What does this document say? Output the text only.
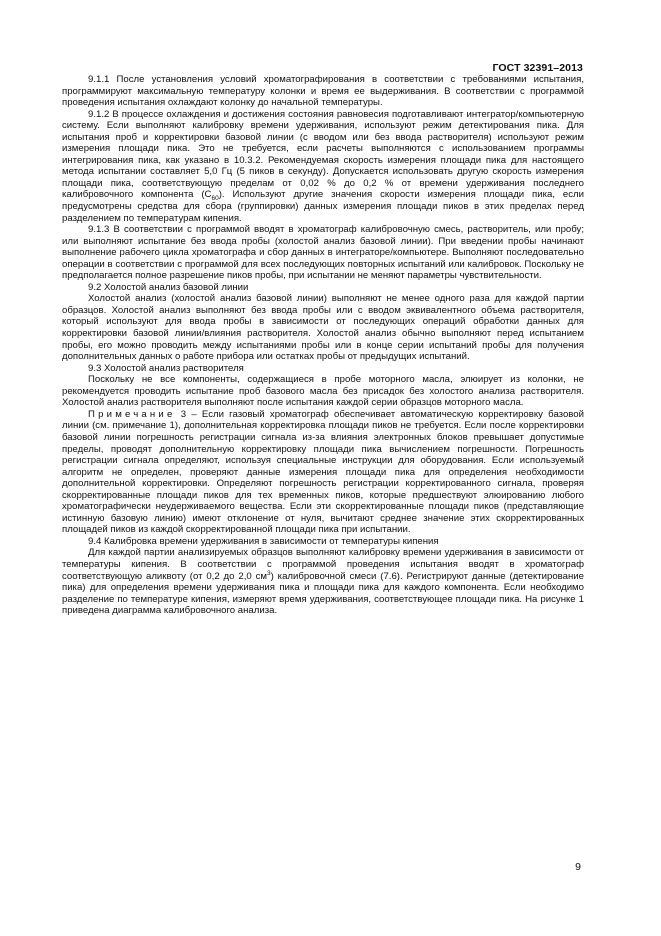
ГОСТ 32391–2013

9.1.1 После установления условий хроматографирования в соответствии с требованиями испытания, программируют максимальную температуру колонки и время ее выдерживания. В соответствии с программой проведения испытания охлаждают колонку до начальной температуры.

9.1.2 В процессе охлаждения и достижения состояния равновесия подготавливают интегратор/компьютерную систему. Если выполняют калибровку времени удерживания, используют режим детектирования пика. Для испытания проб и корректировки базовой линии (с вводом или без ввода растворителя) используют режим измерения площади пика. Это не требуется, если расчеты выполняются с использованием программы интегрирования пика, как указано в 10.3.2. Рекомендуемая скорость измерения площади пика для настоящего метода испытании составляет 5,0 Гц (5 пиков в секунду). Допускается использовать другую скорость измерения площади пика, соответствующую пределам от 0,02 % до 0,2 % от времени удерживания последнего калибровочного компонента $(С_{60})$. Используют другие значения скорости измерения площади пика, если предусмотрены средства для сбора (группировки) данных измерения площади пиков в этих пределах перед разделением по температурам кипения.

9.1.3 В соответствии с программой вводят в хроматограф калибровочную смесь, растворитель, или пробу; или выполняют испытание без ввода пробы (холостой анализ базовой линии). При введении пробы начинают выполнение рабочего цикла хроматографа и сбор данных в интеграторе/компьютере. Выполняют последовательно операции в соответствии с программой для всех последующих повторных испытаний или калибровок. Поскольку не предполагается полное разрешение пиков пробы, при испытании не меняют параметры чувствительности.

9.2 Холостой анализ базовой линии

Холостой анализ (холостой анализ базовой линии) выполняют не менее одного раза для каждой партии образцов. Холостой анализ выполняют без ввода пробы или с вводом эквивалентного объема растворителя, который используют для ввода пробы в зависимости от последующих операций обработки данных для корректировки базовой линии/влияния растворителя. Холостой анализ обычно выполняют перед испытанием пробы, его можно проводить между испытаниями пробы или в конце серии испытаний пробы для получения дополнительных данных о работе прибора или остатках пробы от предыдущих испытаний.

9.3 Холостой анализ растворителя

Поскольку не все компоненты, содержащиеся в пробе моторного масла, элюирует из колонки, не рекомендуется проводить испытание проб базового масла без присадок без холостого анализа растворителя. Холостой анализ растворителя выполняют после испытания каждой серии образцов моторного масла.

Примечание 3 – Если газовый хроматограф обеспечивает автоматическую корректировку базовой линии (см. примечание 1), дополнительная корректировка площади пиков не требуется. Если после корректировки базовой линии погрешность регистрации сигнала из-за влияния электронных блоков превышает допустимые пределы, проводят дополнительную корректировку площади пика вычислением погрешности. Погрешность регистрации сигнала определяют, используя специальные инструкции для оборудования. Если используемый алгоритм не определен, проверяют данные измерения площади пика для определения необходимости дополнительной корректировки. Определяют погрешность регистрации корректированного сигнала, проверяя скорректированные площади пиков для тех временных пиков, которые предшествуют элюированию любого хроматографически неудерживаемого вещества. Если эти скорректированные площади пиков (представляющие истинную базовую линию) имеют отклонение от нуля, вычитают среднее значение этих скорректированных площадей пиков из каждой скорректированной площади пика при испытании.

9.4 Калибровка времени удерживания в зависимости от температуры кипения

Для каждой партии анализируемых образцов выполняют калибровку времени удерживания в зависимости от температуры кипения. В соответствии с программой проведения испытания вводят в хроматограф соответствующую аликвоту (от 0,2 до 2,0 $см^3$) калибровочной смеси (7.6). Регистрируют данные (детектирование пика) для определения времени удерживания пика и площади пика для каждого компонента. Если необходимо разделение по температуре кипения, измеряют время удерживания, соответствующее площади пика. На рисунке 1 приведена диаграмма калибровочного анализа.

9
